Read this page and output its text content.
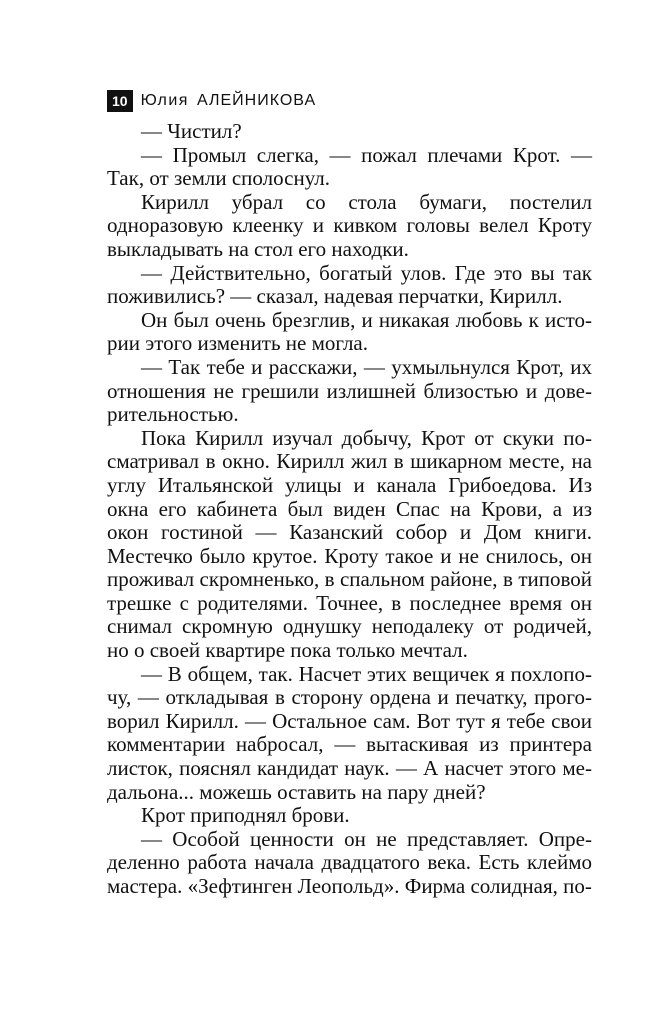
10 Юлия АЛЕЙНИКОВА

— Чистил?

— Промыл слегка, — пожал плечами Крот. — Так, от земли сполоснул.

Кирилл убрал со стола бумаги, постелил одноразовую клеенку и кивком головы велел Кроту выкладывать на стол его находки.

— Действительно, богатый улов. Где это вы так поживились? — сказал, надевая перчатки, Кирилл.

Он был очень брезглив, и никакая любовь к истории этого изменить не могла.

— Так тебе и расскажи, — ухмыльнулся Крот, их отношения не грешили излишней близостью и доверительностью.

Пока Кирилл изучал добычу, Крот от скуки посматривал в окно. Кирилл жил в шикарном месте, на углу Итальянской улицы и канала Грибоедова. Из окна его кабинета был виден Спас на Крови, а из окон гостиной — Казанский собор и Дом книги. Местечко было крутое. Кроту такое и не снилось, он проживал скромненько, в спальном районе, в типовой трешке с родителями. Точнее, в последнее время он снимал скромную однушку неподалеку от родичей, но о своей квартире пока только мечтал.

— В общем, так. Насчет этих вещичек я похлопочу, — откладывая в сторону ордена и печатку, проговорил Кирилл. — Остальное сам. Вот тут я тебе свои комментарии набросал, — вытаскивая из принтера листок, пояснял кандидат наук. — А насчет этого медальона... можешь оставить на пару дней?

Крот приподнял брови.

— Особой ценности он не представляет. Определенно работа начала двадцатого века. Есть клеймо мастера. «Зефтинген Леопольд». Фирма солидная, по-
